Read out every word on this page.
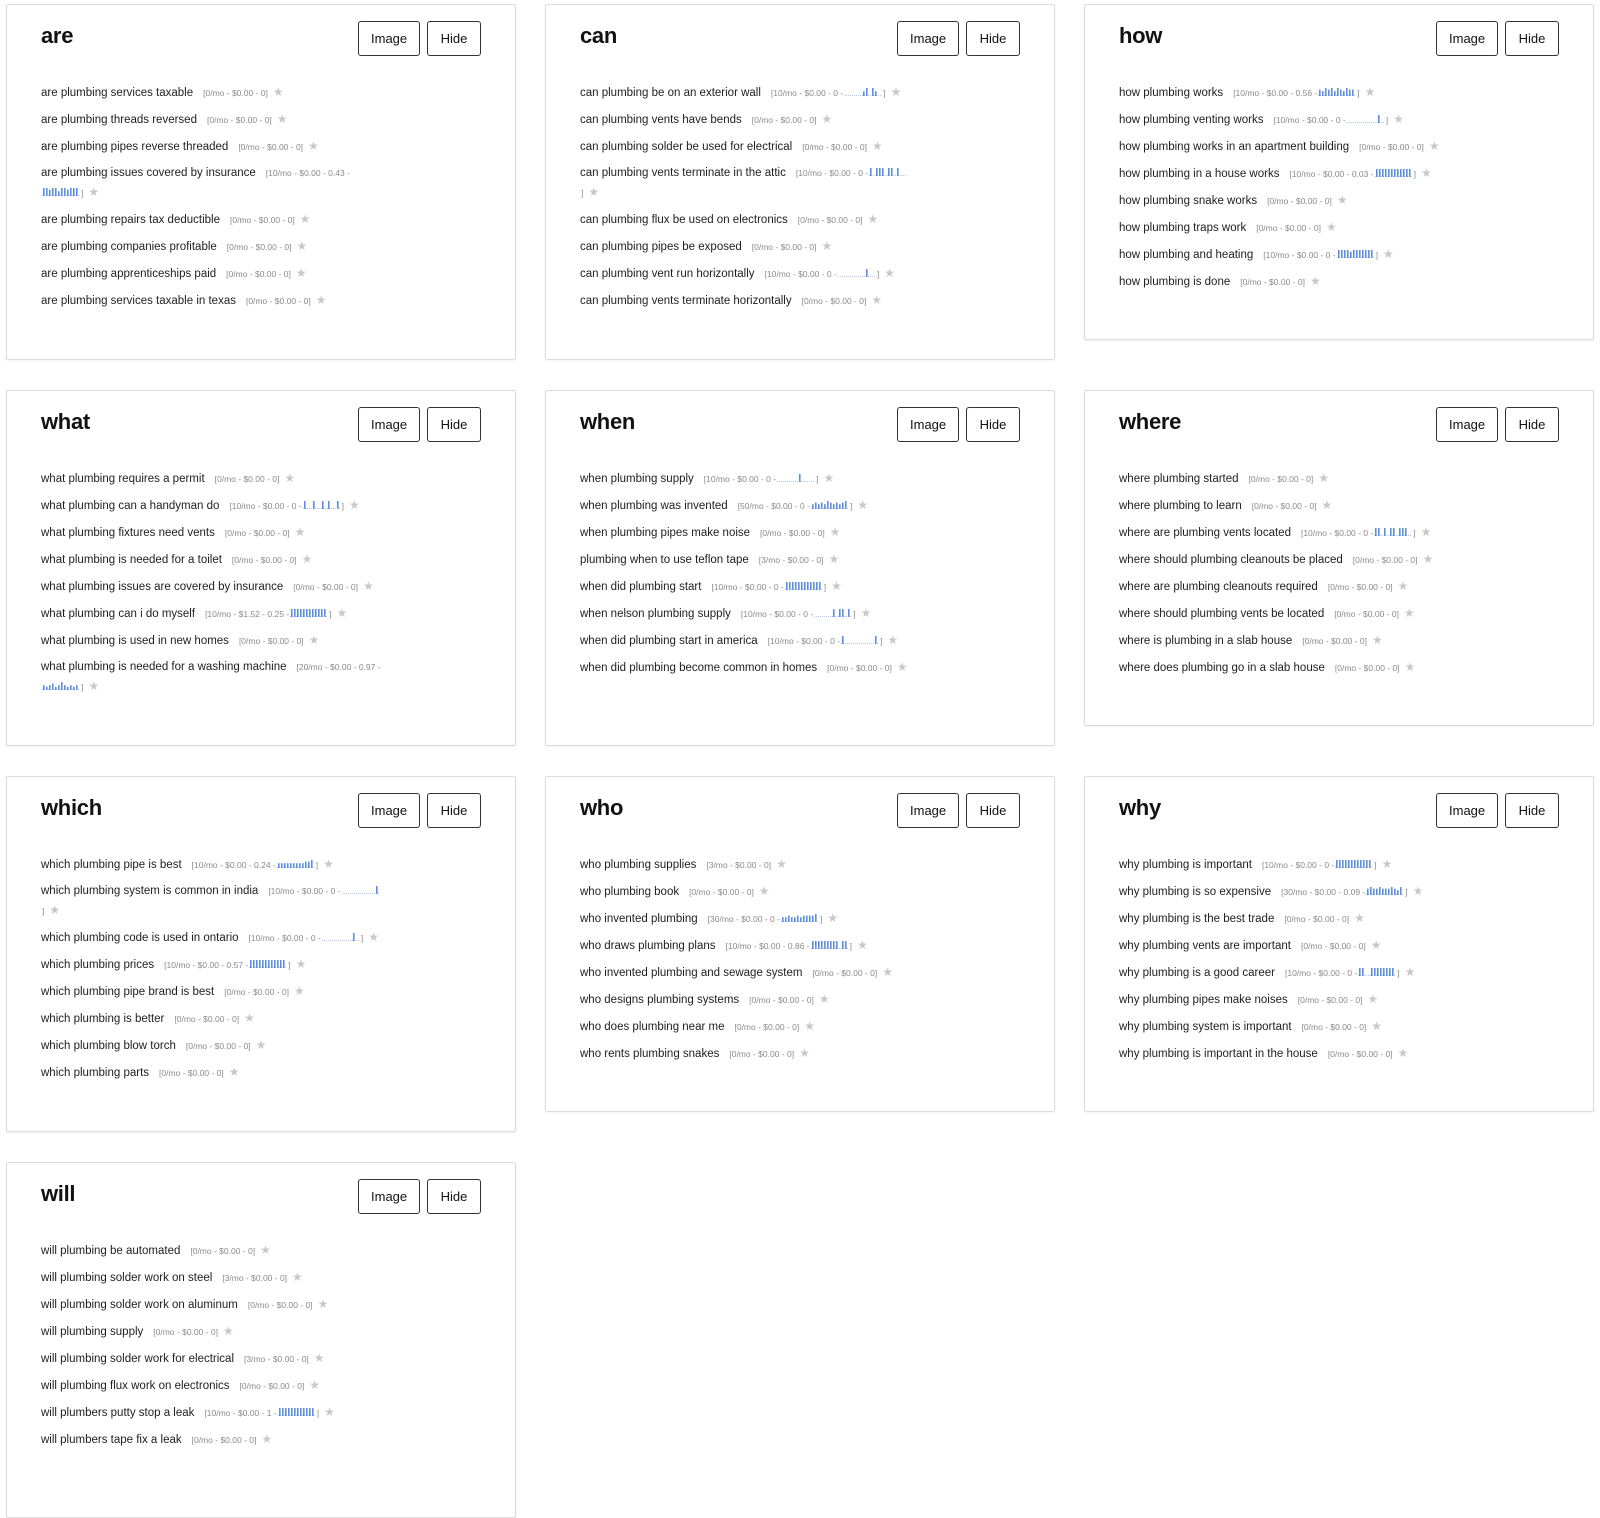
are	Image	Hide
are plumbing services taxable [0/mo - $0.00 - 0] ★
are plumbing threads reversed [0/mo - $0.00 - 0] ★
are plumbing pipes reverse threaded [0/mo - $0.00 - 0] ★
are plumbing issues covered by insurance [10/mo - $0.00 - 0.43 -
] ★
are plumbing repairs tax deductible [0/mo - $0.00 - 0] ★
are plumbing companies profitable [0/mo - $0.00 - 0] ★
are plumbing apprenticeships paid [0/mo - $0.00 - 0] ★
are plumbing services taxable in texas [0/mo - $0.00 - 0] ★
can	Image	Hide
can plumbing be on an exterior wall [10/mo - $0.00 - 0 -	] ★
can plumbing vents have bends [0/mo - $0.00 - 0] ★
can plumbing solder be used for electrical [0/mo - $0.00 - 0] ★
can plumbing vents terminate in the attic [10/mo - $0.00 - 0 -
] ★
can plumbing flux be used on electronics [0/mo - $0.00 - 0] ★
can plumbing pipes be exposed [0/mo - $0.00 - 0] ★
can plumbing vent run horizontally [10/mo - $0.00 - 0 -	] ★
can plumbing vents terminate horizontally [0/mo - $0.00 - 0] ★
how	Image	Hide
how plumbing works [10/mo - $0.00 - 0.56 -	] ★
how plumbing venting works [10/mo - $0.00 - 0 -	] ★
how plumbing works in an apartment building [0/mo - $0.00 - 0] ★
how plumbing in a house works [10/mo - $0.00 - 0.03 -	] ★
how plumbing snake works [0/mo - $0.00 - 0] ★
how plumbing traps work [0/mo - $0.00 - 0] ★
how plumbing and heating [10/mo - $0.00 - 0 -	] ★
how plumbing is done [0/mo - $0.00 - 0] ★
what	Image	Hide
what plumbing requires a permit [0/mo - $0.00 - 0] ★
what plumbing can a handyman do [10/mo - $0.00 - 0 -	] ★
what plumbing fixtures need vents [0/mo - $0.00 - 0] ★
what plumbing is needed for a toilet [0/mo - $0.00 - 0] ★
what plumbing issues are covered by insurance [0/mo - $0.00 - 0] ★
what plumbing can i do myself [10/mo - $1.52 - 0.25 -	] ★
what plumbing is used in new homes [0/mo - $0.00 - 0] ★
what plumbing is needed for a washing machine [20/mo - $0.00 - 0.97 -
] ★
when	Image	Hide
when plumbing supply [10/mo - $0.00 - 0 -	] ★
when plumbing was invented [50/mo - $0.00 - 0 -	] ★
when plumbing pipes make noise [0/mo - $0.00 - 0] ★
plumbing when to use teflon tape [3/mo - $0.00 - 0] ★
when did plumbing start [10/mo - $0.00 - 0 -	] ★
when nelson plumbing supply [10/mo - $0.00 - 0 -	] ★
when did plumbing start in america [10/mo - $0.00 - 0 -	] ★
when did plumbing become common in homes [0/mo - $0.00 - 0] ★
where	Image	Hide
where plumbing started [0/mo - $0.00 - 0] ★
where plumbing to learn [0/mo - $0.00 - 0] ★
where are plumbing vents located [10/mo - $0.00 - 0 -	] ★
where should plumbing cleanouts be placed [0/mo - $0.00 - 0] ★
where are plumbing cleanouts required [0/mo - $0.00 - 0] ★
where should plumbing vents be located [0/mo - $0.00 - 0] ★
where is plumbing in a slab house [0/mo - $0.00 - 0] ★
where does plumbing go in a slab house [0/mo - $0.00 - 0] ★
which	Image	Hide
which plumbing pipe is best [10/mo - $0.00 - 0.24 -	] ★
which plumbing system is common in india [10/mo - $0.00 - 0 -
] ★
which plumbing code is used in ontario [10/mo - $0.00 - 0 -	] ★
which plumbing prices [10/mo - $0.00 - 0.57 -	] ★
which plumbing pipe brand is best [0/mo - $0.00 - 0] ★
which plumbing is better [0/mo - $0.00 - 0] ★
which plumbing blow torch [0/mo - $0.00 - 0] ★
which plumbing parts [0/mo - $0.00 - 0] ★
who	Image	Hide
who plumbing supplies [3/mo - $0.00 - 0] ★
who plumbing book [0/mo - $0.00 - 0] ★
who invented plumbing [30/mo - $0.00 - 0 -	] ★
who draws plumbing plans [10/mo - $0.00 - 0.86 -	] ★
who invented plumbing and sewage system [0/mo - $0.00 - 0] ★
who designs plumbing systems [0/mo - $0.00 - 0] ★
who does plumbing near me [0/mo - $0.00 - 0] ★
who rents plumbing snakes [0/mo - $0.00 - 0] ★
why	Image	Hide
why plumbing is important [10/mo - $0.00 - 0 -	] ★
why plumbing is so expensive [30/mo - $0.00 - 0.09 -	] ★
why plumbing is the best trade [0/mo - $0.00 - 0] ★
why plumbing vents are important [0/mo - $0.00 - 0] ★
why plumbing is a good career [10/mo - $0.00 - 0 -	] ★
why plumbing pipes make noises [0/mo - $0.00 - 0] ★
why plumbing system is important [0/mo - $0.00 - 0] ★
why plumbing is important in the house [0/mo - $0.00 - 0] ★
will	Image	Hide
will plumbing be automated [0/mo - $0.00 - 0] ★
will plumbing solder work on steel [3/mo - $0.00 - 0] ★
will plumbing solder work on aluminum [0/mo - $0.00 - 0] ★
will plumbing supply [0/mo - $0.00 - 0] ★
will plumbing solder work for electrical [3/mo - $0.00 - 0] ★
will plumbing flux work on electronics [0/mo - $0.00 - 0] ★
will plumbers putty stop a leak [10/mo - $0.00 - 1 -	] ★
will plumbers tape fix a leak [0/mo - $0.00 - 0] ★
